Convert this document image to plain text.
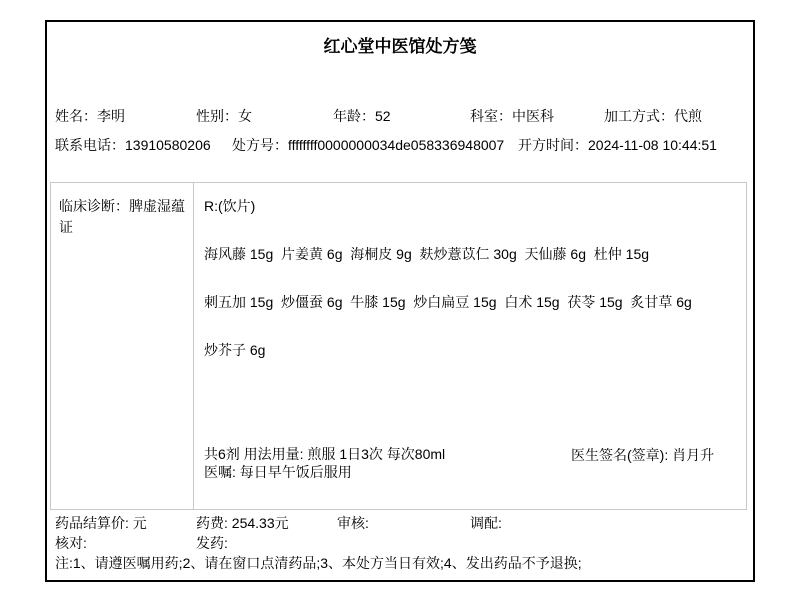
红心堂中医馆处方笺
姓名：李明	性别：女	年龄：52	科室：中医科	加工方式：代煎
联系电话：13910580206 处方号：ffffffff0000000034de058336948007 开方时间：2024-11-08 10:44:51
临床诊断：脾虚湿蕴证
R:(饮片)
海风藤 15g  片姜黄 6g  海桐皮 9g  麸炒薏苡仁 30g  天仙藤 6g  杜仲 15g
刺五加 15g  炒僵蚕 6g  牛膝 15g  炒白扁豆 15g  白术 15g  茯苓 15g  炙甘草 6g
炒芥子 6g
共6剂 用法用量: 煎服 1日3次 每次80ml
医嘱: 每日早午饭后服用
医生签名(签章): 肖月升
药品结算价: 元	药费: 254.33元	审核:	调配:
核对:	发药:
注:1、请遵医嘱用药;2、请在窗口点清药品;3、本处方当日有效;4、发出药品不予退换;
